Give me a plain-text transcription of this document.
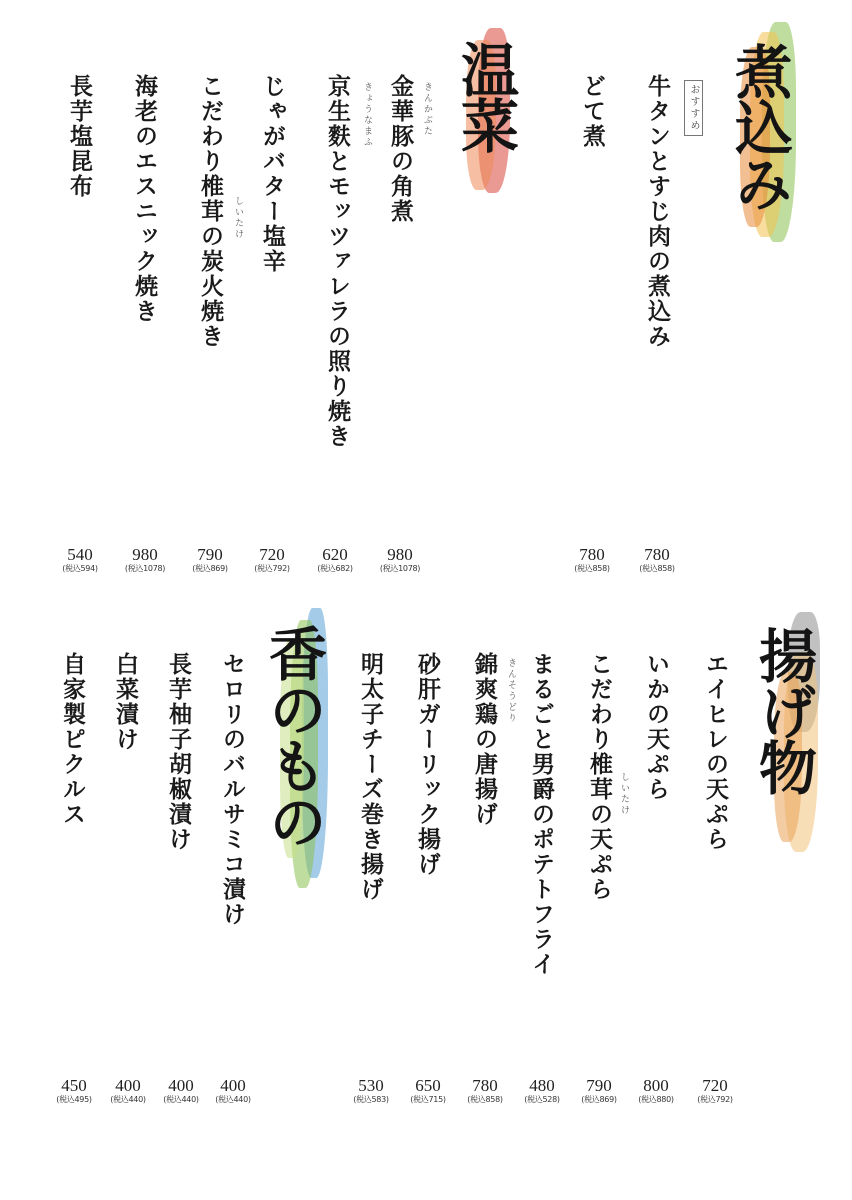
煮込み
おすすめ
牛タンとすじ肉の煮込み
どて煮
温菜
きんかぶた
金華豚の角煮
きょうなまふ
京生麩とモッツァレラの照り焼き
じゃがバター塩辛
しいたけ
こだわり椎茸の炭火焼き
海老のエスニック焼き
長芋塩昆布
540
(税込594)
980
(税込1078)
790
(税込869)
720
(税込792)
620
(税込682)
980
(税込1078)
780
(税込858)
780
(税込858)
揚げ物
エイヒレの天ぷら
いかの天ぷら
しいたけ
こだわり椎茸の天ぷら
まるごと男爵のポテトフライ
きんそうどり
錦爽鶏の唐揚げ
砂肝ガーリック揚げ
明太子チーズ巻き揚げ
香のもの
セロリのバルサミコ漬け
長芋柚子胡椒漬け
白菜漬け
自家製ピクルス
450
(税込495)
400
(税込440)
400
(税込440)
400
(税込440)
530
(税込583)
650
(税込715)
780
(税込858)
480
(税込528)
790
(税込869)
800
(税込880)
720
(税込792)
